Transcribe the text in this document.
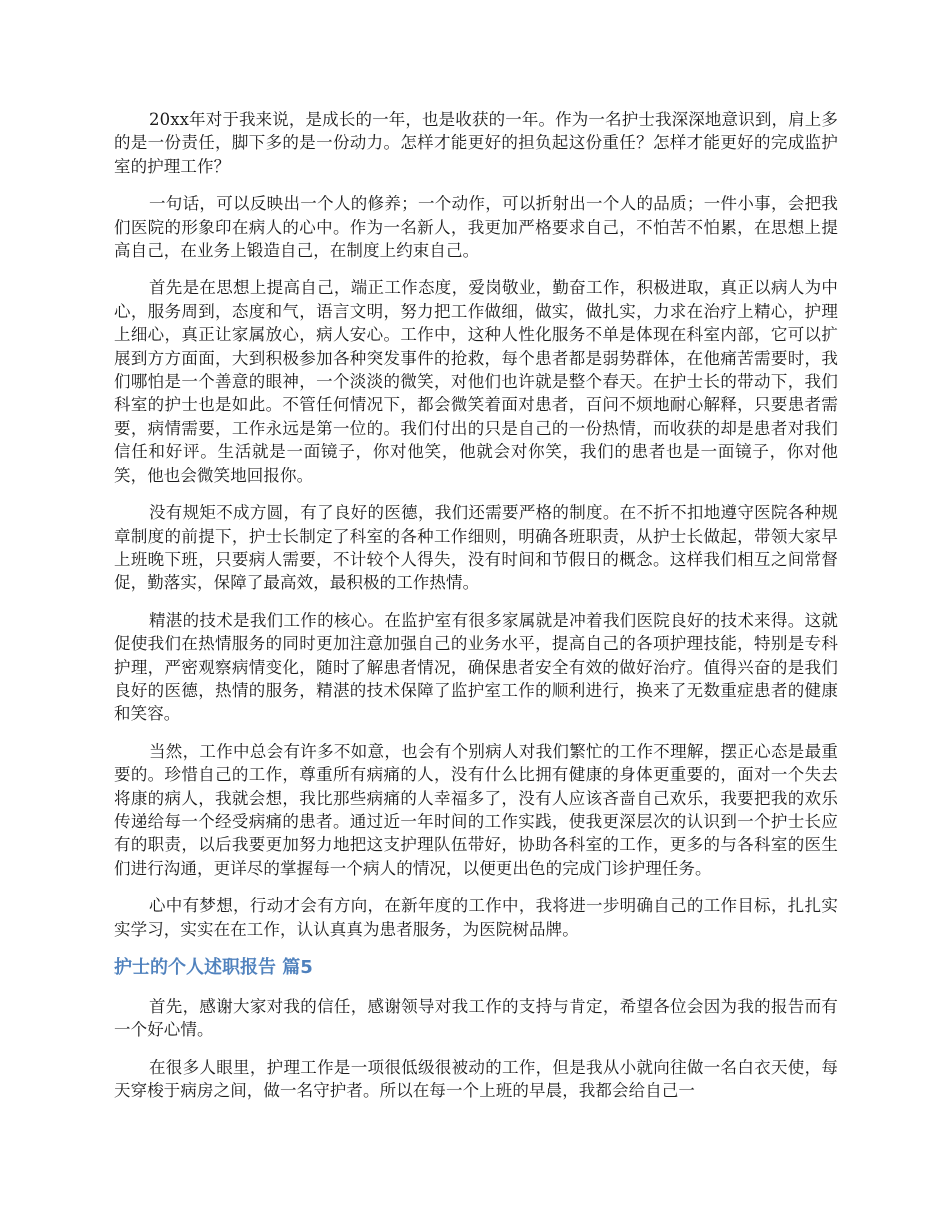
20xx年对于我来说，是成长的一年，也是收获的一年。作为一名护士我深深地意识到，肩上多的是一份责任，脚下多的是一份动力。怎样才能更好的担负起这份重任？怎样才能更好的完成监护室的护理工作？

一句话，可以反映出一个人的修养；一个动作，可以折射出一个人的品质；一件小事，会把我们医院的形象印在病人的心中。作为一名新人，我更加严格要求自己，不怕苦不怕累，在思想上提高自己，在业务上锻造自己，在制度上约束自己。

首先是在思想上提高自己，端正工作态度，爱岗敬业，勤奋工作，积极进取，真正以病人为中心，服务周到，态度和气，语言文明，努力把工作做细，做实，做扎实，力求在治疗上精心，护理上细心，真正让家属放心，病人安心。工作中，这种人性化服务不单是体现在科室内部，它可以扩展到方方面面，大到积极参加各种突发事件的抢救，每个患者都是弱势群体，在他痛苦需要时，我们哪怕是一个善意的眼神，一个淡淡的微笑，对他们也许就是整个春天。在护士长的带动下，我们科室的护士也是如此。不管任何情况下，都会微笑着面对患者，百问不烦地耐心解释，只要患者需要，病情需要，工作永远是第一位的。我们付出的只是自己的一份热情，而收获的却是患者对我们信任和好评。生活就是一面镜子，你对他笑，他就会对你笑，我们的患者也是一面镜子，你对他笑，他也会微笑地回报你。

没有规矩不成方圆，有了良好的医德，我们还需要严格的制度。在不折不扣地遵守医院各种规章制度的前提下，护士长制定了科室的各种工作细则，明确各班职责，从护士长做起，带领大家早上班晚下班，只要病人需要，不计较个人得失，没有时间和节假日的概念。这样我们相互之间常督促，勤落实，保障了最高效，最积极的工作热情。

精湛的技术是我们工作的核心。在监护室有很多家属就是冲着我们医院良好的技术来得。这就促使我们在热情服务的同时更加注意加强自己的业务水平，提高自己的各项护理技能，特别是专科护理，严密观察病情变化，随时了解患者情况，确保患者安全有效的做好治疗。值得兴奋的是我们良好的医德，热情的服务，精湛的技术保障了监护室工作的顺利进行，换来了无数重症患者的健康和笑容。

当然，工作中总会有许多不如意，也会有个别病人对我们繁忙的工作不理解，摆正心态是最重要的。珍惜自己的工作，尊重所有病痛的人，没有什么比拥有健康的身体更重要的，面对一个失去将康的病人，我就会想，我比那些病痛的人幸福多了，没有人应该吝啬自己欢乐，我要把我的欢乐传递给每一个经受病痛的患者。通过近一年时间的工作实践，使我更深层次的认识到一个护士长应有的职责，以后我要更加努力地把这支护理队伍带好，协助各科室的工作，更多的与各科室的医生们进行沟通，更详尽的掌握每一个病人的情况，以便更出色的完成门诊护理任务。

心中有梦想，行动才会有方向，在新年度的工作中，我将进一步明确自己的工作目标，扎扎实实学习，实实在在工作，认认真真为患者服务，为医院树品牌。

护士的个人述职报告 篇5

首先，感谢大家对我的信任，感谢领导对我工作的支持与肯定，希望各位会因为我的报告而有一个好心情。

在很多人眼里，护理工作是一项很低级很被动的工作，但是我从小就向往做一名白衣天使，每天穿梭于病房之间，做一名守护者。所以在每一个上班的早晨，我都会给自己一
